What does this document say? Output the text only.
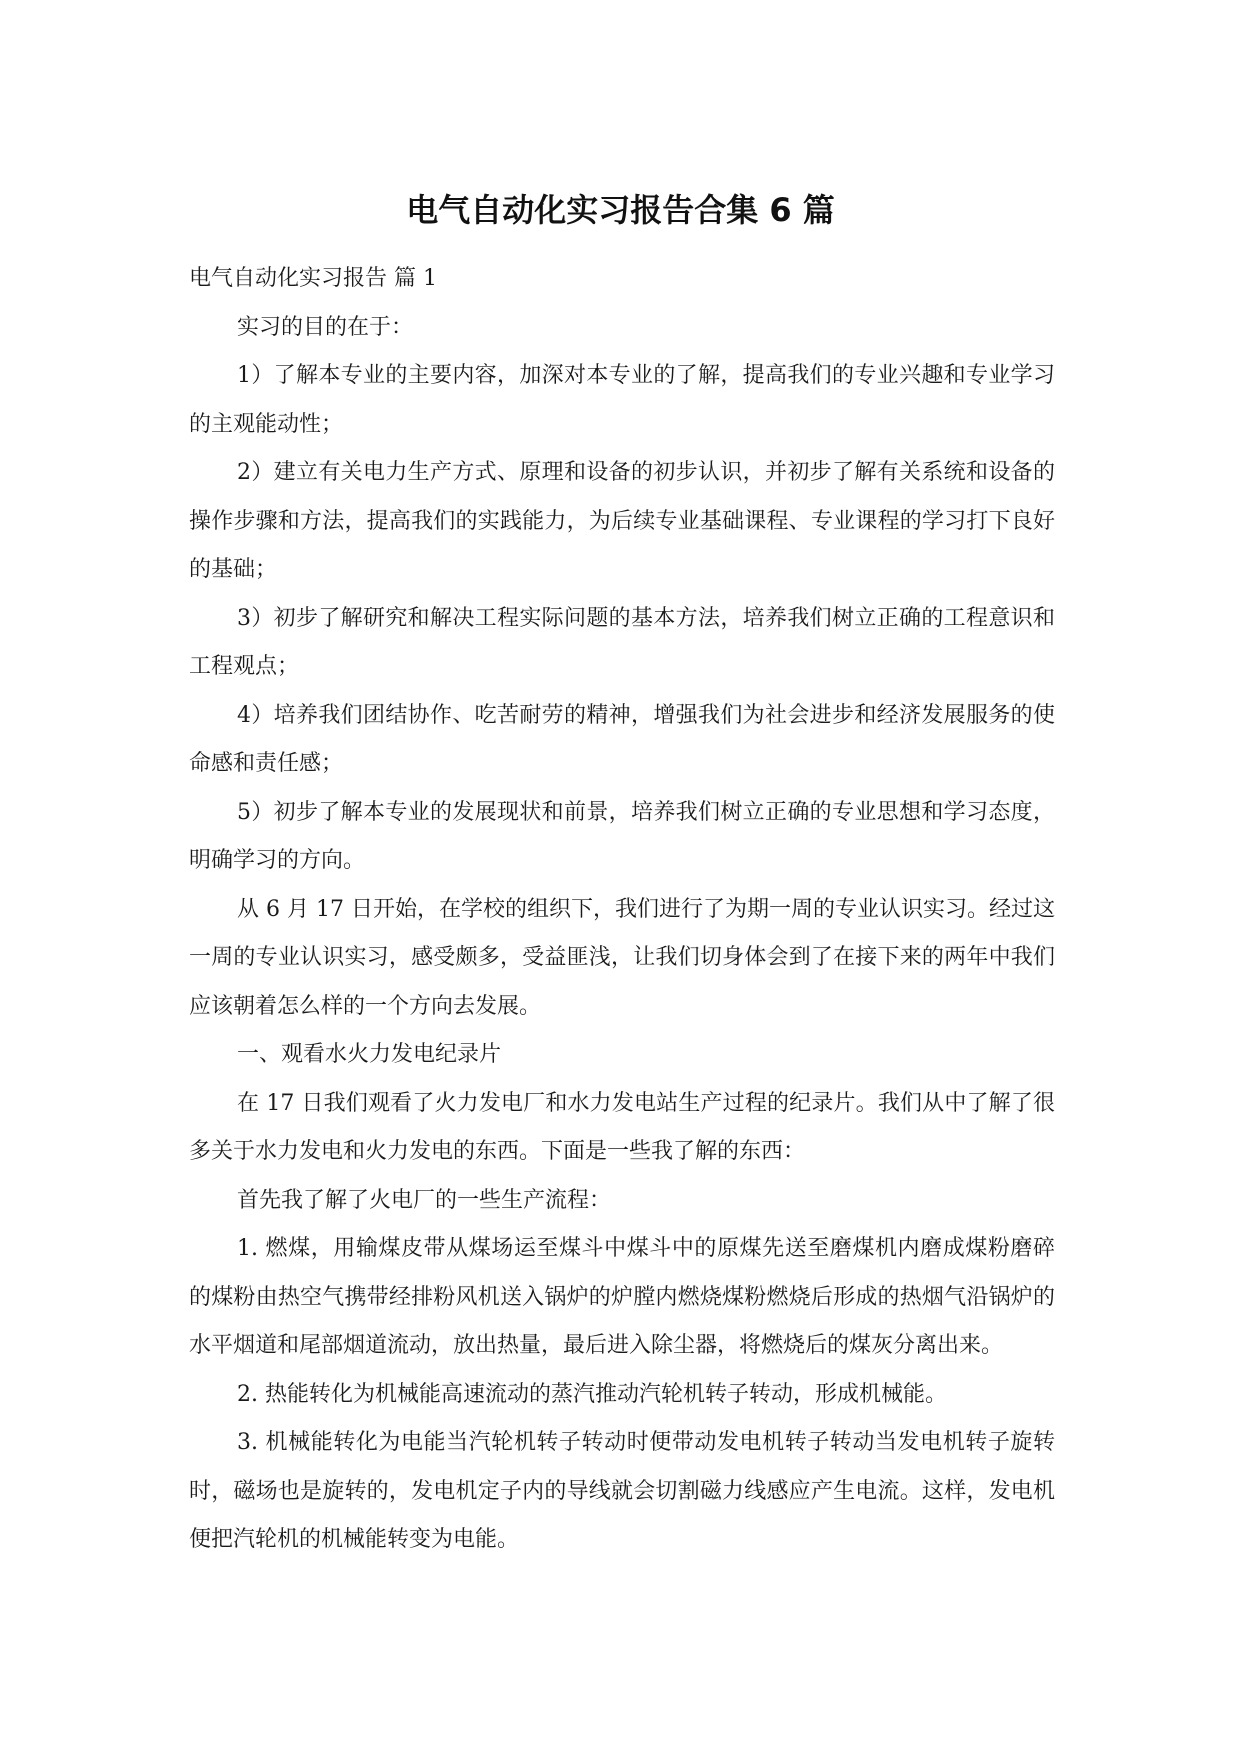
电气自动化实习报告合集 6 篇

电气自动化实习报告 篇 1

实习的目的在于：

1）了解本专业的主要内容，加深对本专业的了解，提高我们的专业兴趣和专业学习的主观能动性；

2）建立有关电力生产方式、原理和设备的初步认识，并初步了解有关系统和设备的操作步骤和方法，提高我们的实践能力，为后续专业基础课程、专业课程的学习打下良好的基础；

3）初步了解研究和解决工程实际问题的基本方法，培养我们树立正确的工程意识和工程观点；

4）培养我们团结协作、吃苦耐劳的精神，增强我们为社会进步和经济发展服务的使命感和责任感；

5）初步了解本专业的发展现状和前景，培养我们树立正确的专业思想和学习态度，明确学习的方向。

从 6 月 17 日开始，在学校的组织下，我们进行了为期一周的专业认识实习。经过这一周的专业认识实习，感受颇多，受益匪浅，让我们切身体会到了在接下来的两年中我们应该朝着怎么样的一个方向去发展。

一、观看水火力发电纪录片

在 17 日我们观看了火力发电厂和水力发电站生产过程的纪录片。我们从中了解了很多关于水力发电和火力发电的东西。下面是一些我了解的东西：

首先我了解了火电厂的一些生产流程：

1. 燃煤，用输煤皮带从煤场运至煤斗中煤斗中的原煤先送至磨煤机内磨成煤粉磨碎的煤粉由热空气携带经排粉风机送入锅炉的炉膛内燃烧煤粉燃烧后形成的热烟气沿锅炉的水平烟道和尾部烟道流动，放出热量，最后进入除尘器，将燃烧后的煤灰分离出来。

2. 热能转化为机械能高速流动的蒸汽推动汽轮机转子转动，形成机械能。

3. 机械能转化为电能当汽轮机转子转动时便带动发电机转子转动当发电机转子旋转时，磁场也是旋转的，发电机定子内的导线就会切割磁力线感应产生电流。这样，发电机便把汽轮机的机械能转变为电能。
